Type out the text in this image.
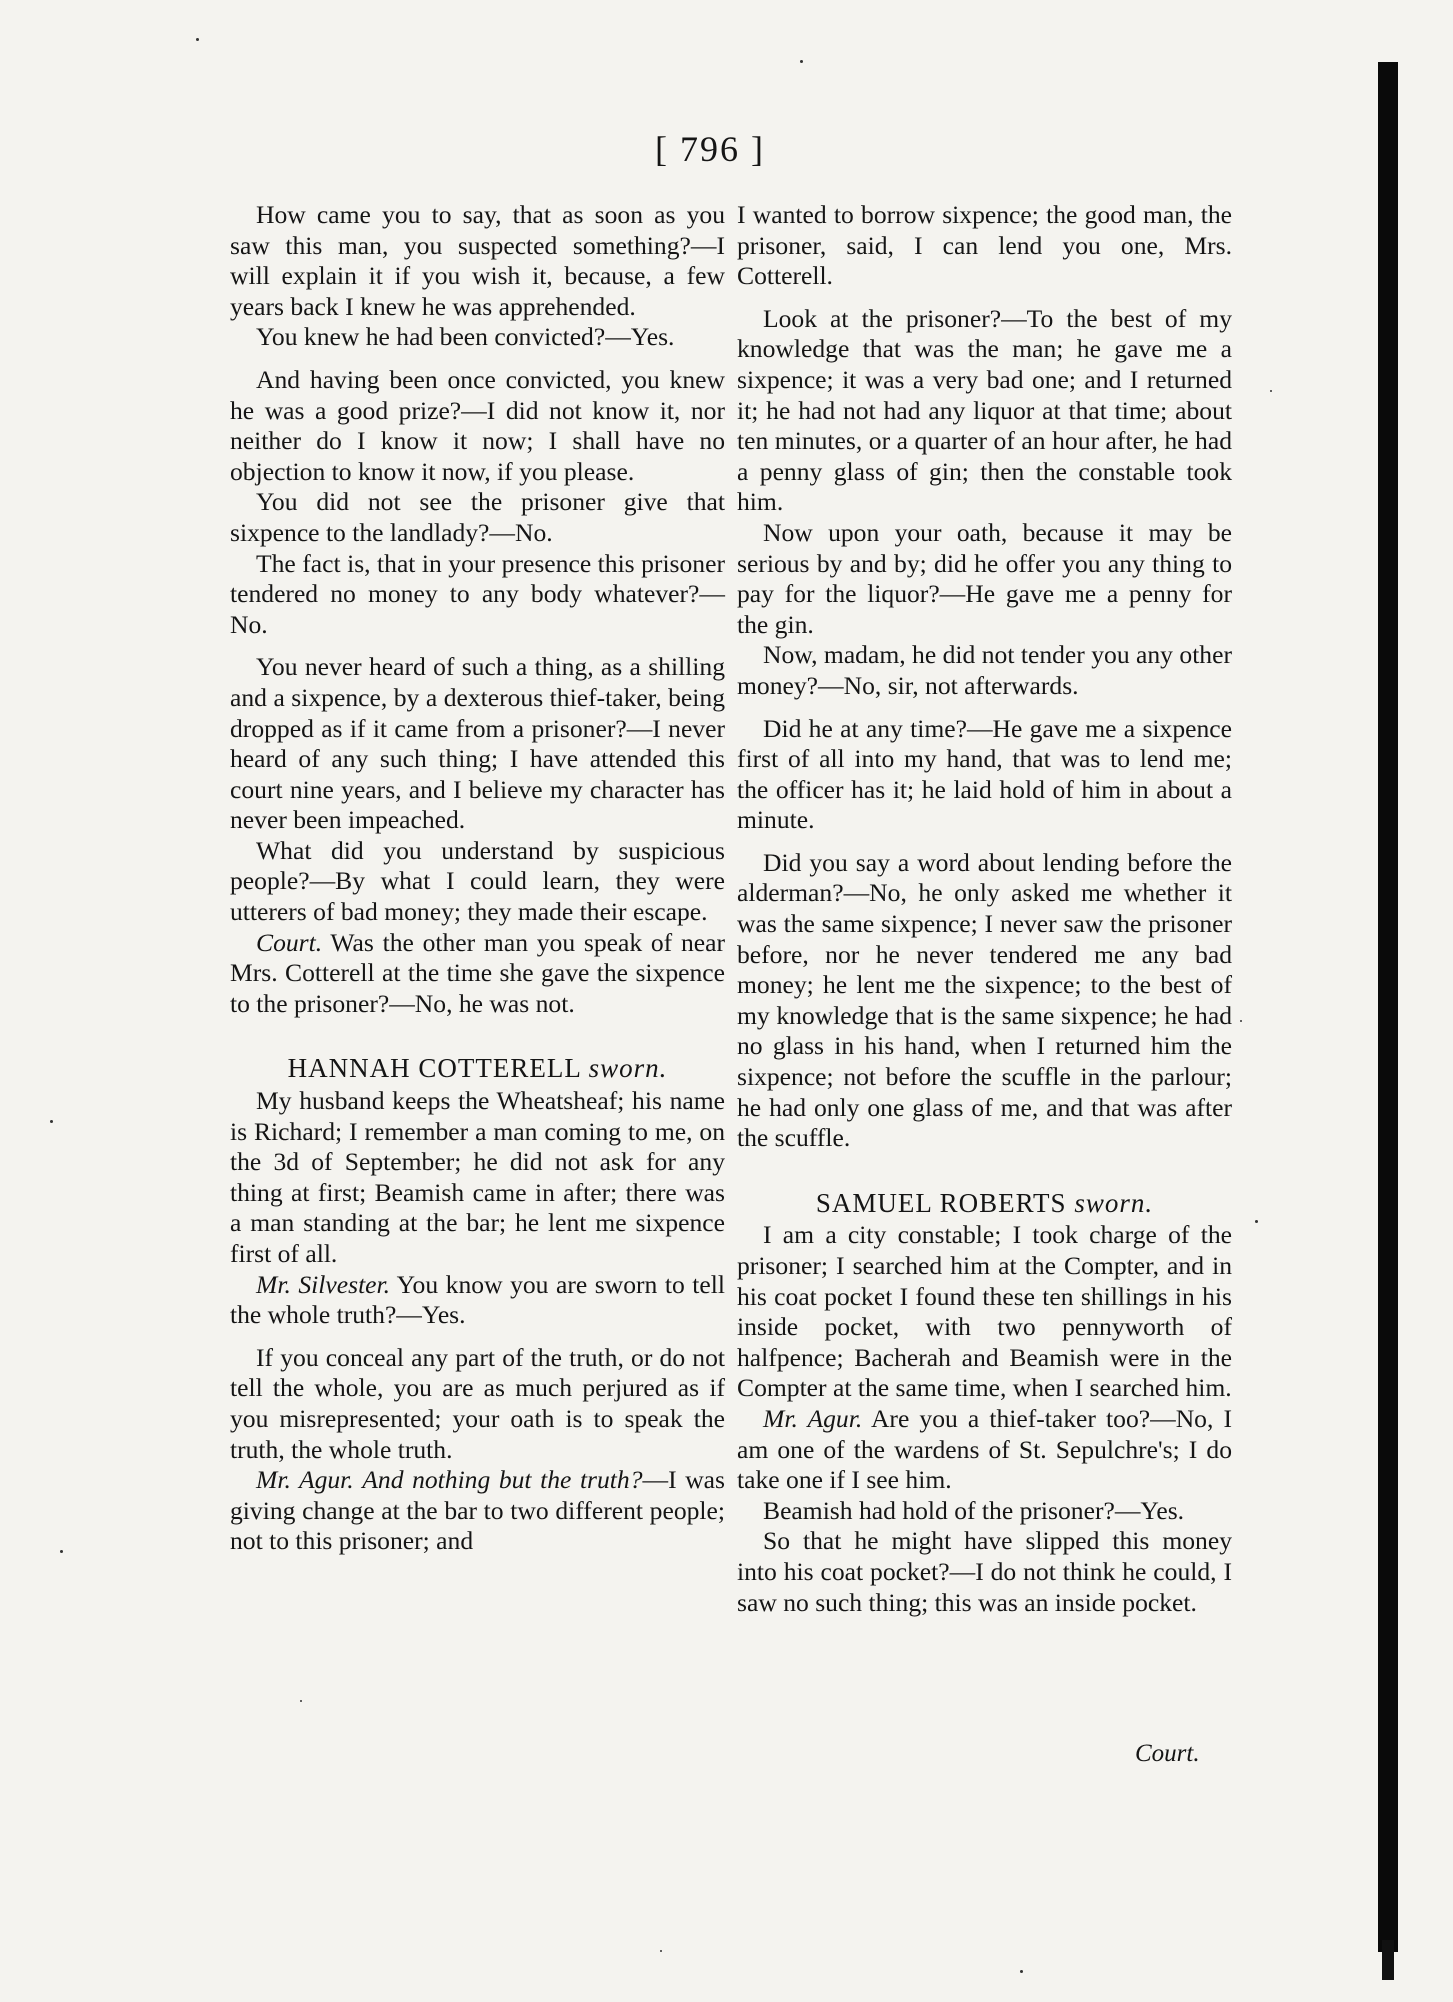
[ 796 ]

How came you to say, that as soon as you saw this man, you suspected something?—I will explain it if you wish it, because, a few years back I knew he was apprehended.

You knew he had been convicted?—Yes.

And having been once convicted, you knew he was a good prize?—I did not know it, nor neither do I know it now; I shall have no objection to know it now, if you please.

You did not see the prisoner give that sixpence to the landlady?—No.

The fact is, that in your presence this prisoner tendered no money to any body whatever?—No.

You never heard of such a thing, as a shilling and a sixpence, by a dexterous thief-taker, being dropped as if it came from a prisoner?—I never heard of any such thing; I have attended this court nine years, and I believe my character has never been impeached.

What did you understand by suspicious people?—By what I could learn, they were utterers of bad money; they made their escape.

Court. Was the other man you speak of near Mrs. Cotterell at the time she gave the sixpence to the prisoner?—No, he was not.

HANNAH COTTERELL sworn.

My husband keeps the Wheatsheaf; his name is Richard; I remember a man coming to me, on the 3d of September; he did not ask for any thing at first; Beamish came in after; there was a man standing at the bar; he lent me sixpence first of all.

Mr. Silvester. You know you are sworn to tell the whole truth?—Yes.

If you conceal any part of the truth, or do not tell the whole, you are as much perjured as if you misrepresented; your oath is to speak the truth, the whole truth.

Mr. Agur. And nothing but the truth?—I was giving change at the bar to two different people; not to this prisoner; and

I wanted to borrow sixpence; the good man, the prisoner, said, I can lend you one, Mrs. Cotterell.

Look at the prisoner?—To the best of my knowledge that was the man; he gave me a sixpence; it was a very bad one; and I returned it; he had not had any liquor at that time; about ten minutes, or a quarter of an hour after, he had a penny glass of gin; then the constable took him.

Now upon your oath, because it may be serious by and by; did he offer you any thing to pay for the liquor?—He gave me a penny for the gin.

Now, madam, he did not tender you any other money?—No, sir, not afterwards.

Did he at any time?—He gave me a sixpence first of all into my hand, that was to lend me; the officer has it; he laid hold of him in about a minute.

Did you say a word about lending before the alderman?—No, he only asked me whether it was the same sixpence; I never saw the prisoner before, nor he never tendered me any bad money; he lent me the sixpence; to the best of my knowledge that is the same sixpence; he had no glass in his hand, when I returned him the sixpence; not before the scuffle in the parlour; he had only one glass of me, and that was after the scuffle.

SAMUEL ROBERTS sworn.

I am a city constable; I took charge of the prisoner; I searched him at the Compter, and in his coat pocket I found these ten shillings in his inside pocket, with two pennyworth of halfpence; Bacherah and Beamish were in the Compter at the same time, when I searched him.

Mr. Agur. Are you a thief-taker too?—No, I am one of the wardens of St. Sepulchre's; I do take one if I see him.

Beamish had hold of the prisoner?—Yes.

So that he might have slipped this money into his coat pocket?—I do not think he could, I saw no such thing; this was an inside pocket.

Court.
